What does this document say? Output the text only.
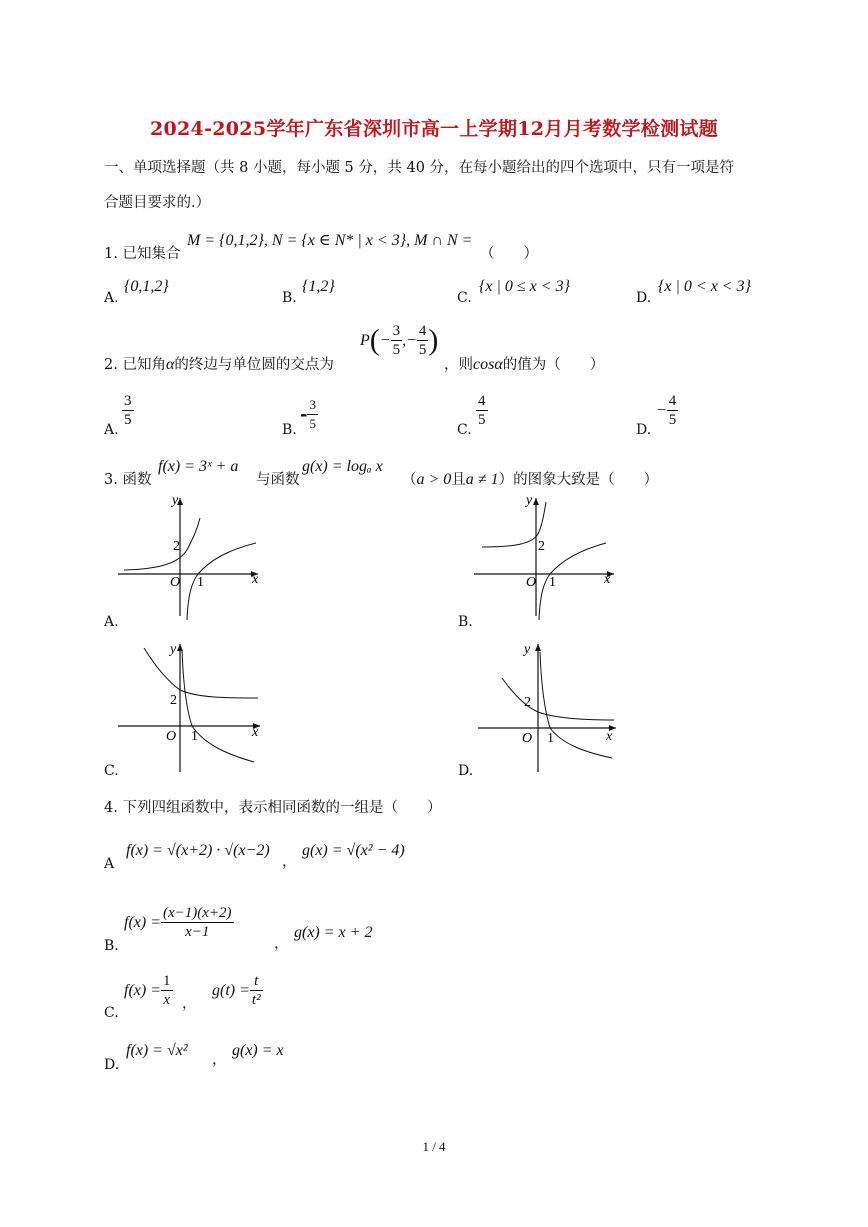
2024-2025学年广东省深圳市高一上学期12月月考数学检测试题
一、单项选择题（共 8 小题，每小题 5 分，共 40 分，在每小题给出的四个选项中，只有一项是符
合题目要求的.）
1. 已知集合
M = {0,1,2}, N = {x ∈ N* | x < 3}, M ∩ N =
（　　）
A.
{0,1,2}
B.
{1,2}
C.
{x | 0 ≤ x < 3}
D.
{x | 0 < x < 3}
2. 已知角α的终边与单位圆的交点为
$P(- \frac{3}{5}$ ,− $\frac{4}{5}$ )
，则cosα的值为（　　）
A.
$\frac{3}{5}$
B.
- $\frac{3}{5}$	C.
$\frac{4}{5}$
D.
− $\frac{4}{5}$
3. 函数
f(x) = 3ˣ + a
与函数
g(x) = logₐ x
（a > 0且a ≠ 1）的图象大致是（　　）
y
x
O
2
1
A.
y
x
O
2
1
B.
y
x
O
2
1
C.
y
x
O
2
1
D.
4. 下列四组函数中，表示相同函数的一组是（　　）
A
f(x) = √(x+2) · √(x−2)
，
g(x) = √(x² − 4)
B.
$f(x) = \frac{(x-1)(x+2)}{x-1}$
，
g(x) = x + 2
C.
$f(x) = \frac{1}{x}$ ，
$g(t) = \frac{t}{\text{t²}}$
D.
f(x) = √x²
，
g(x) = x
1 / 4
